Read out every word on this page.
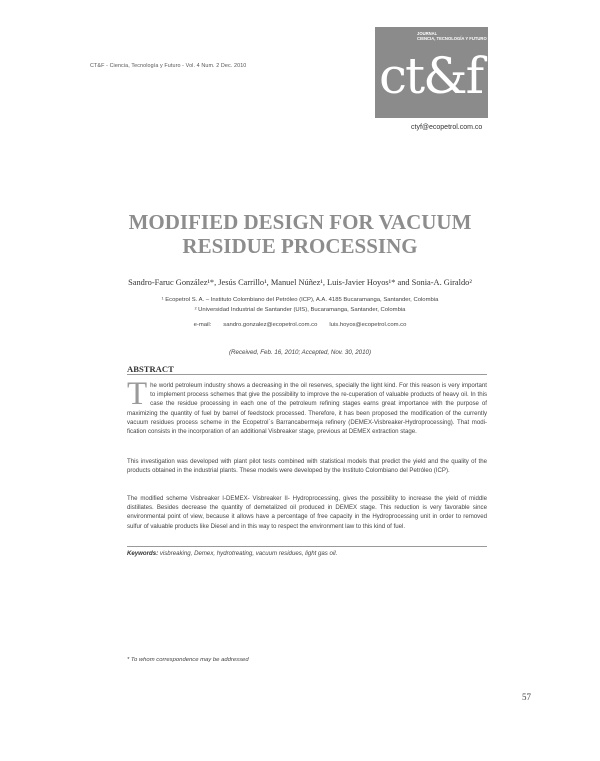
CT&F - Ciencia, Tecnología y Futuro - Vol. 4 Num. 2 Dec. 2010
JOURNAL
CIENCIA, TECNOLOGÍA Y FUTURO
ct&f
ctyf@ecopetrol.com.co
MODIFIED DESIGN FOR VACUUM
RESIDUE PROCESSING
Sandro-Faruc González¹*, Jesús Carrillo¹, Manuel Núñez¹, Luis-Javier Hoyos¹* and Sonia-A. Giraldo²
¹ Ecopetrol S. A. – Instituto Colombiano del Petróleo (ICP), A.A. 4185 Bucaramanga, Santander, Colombia
² Universidad Industrial de Santander (UIS), Bucaramanga, Santander, Colombia
e-mail: sandro.gonzalez@ecopetrol.com.co luis.hoyos@ecopetrol.com.co
(Received, Feb. 16, 2010; Accepted, Nov. 30, 2010)
ABSTRACT
The world petroleum industry shows a decreasing in the oil reserves, specially the light kind. For this reason is very important to implement process schemes that give the possibility to improve the re-cuperation of valuable products of heavy oil. In this case the residue processing in each one of the petroleum refining stages earns great importance with the purpose of maximizing the quantity of fuel by barrel of feedstock processed. Therefore, it has been proposed the modification of the currently vacuum residues process scheme in the Ecopetrol´s Barrancabermeja refinery (DEMEX-Visbreaker-Hydroprocessing). That modi-fication consists in the incorporation of an additional Visbreaker stage, previous at DEMEX extraction stage.
This investigation was developed with plant pilot tests combined with statistical models that predict the yield and the quality of the products obtained in the industrial plants. These models were developed by the Instituto Colombiano del Petróleo (ICP).
The modified scheme Visbreaker I-DEMEX- Visbreaker II- Hydroprocessing, gives the possibility to increase the yield of middle distillates. Besides decrease the quantity of demetalized oil produced in DEMEX stage. This reduction is very favorable since environmental point of view, because it allows have a percentage of free capacity in the Hydroprocessing unit in order to removed sulfur of valuable products like Diesel and in this way to respect the environment law to this kind of fuel.
Keywords: visbreaking, Demex, hydrotreating, vacuum residues, light gas oil.
* To whom correspondence may be addressed
57
